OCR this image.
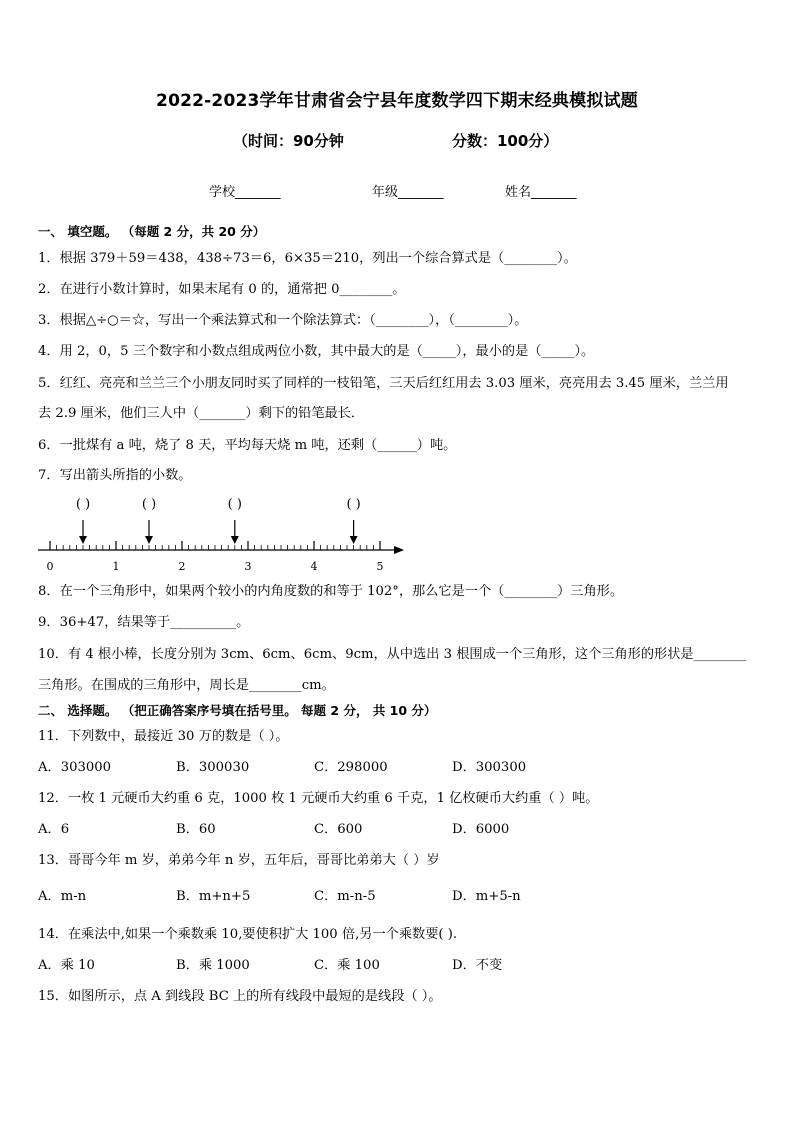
2022-2023学年甘肃省会宁县年度数学四下期末经典模拟试题
（时间：90分钟	分数：100分）
学校_______	年级_______	姓名_______
一、 填空题。 （每题 2 分，共 20 分）
1．根据 379＋59＝438，438÷73＝6，6×35＝210，列出一个综合算式是（________）。
2．在进行小数计算时，如果末尾有 0 的，通常把 0________。
3．根据△÷○＝☆，写出一个乘法算式和一个除法算式：（________），（________）。
4．用 2，0，5 三个数字和小数点组成两位小数，其中最大的是（_____），最小的是（_____）。
5．红红、亮亮和兰兰三个小朋友同时买了同样的一枝铅笔，三天后红红用去 3.03 厘米，亮亮用去 3.45 厘米，兰兰用
去 2.9 厘米，他们三人中（_______）剩下的铅笔最长．
6．一批煤有 a 吨，烧了 8 天，平均每天烧 m 吨，还剩（______）吨。
7．写出箭头所指的小数。
( )	( )	( )	( )
0	1	2	3	4	5
8．在一个三角形中，如果两个较小的内角度数的和等于 102°，那么它是一个（________）三角形。
9．36+47，结果等于__________。
10．有 4 根小棒，长度分别为 3cm、6cm、6cm、9cm，从中选出 3 根围成一个三角形，这个三角形的形状是________
三角形。在围成的三角形中，周长是________cm。
二、 选择题。 （把正确答案序号填在括号里。 每题 2 分， 共 10 分）
11．下列数中，最接近 30 万的数是（ ）。
A．303000	B．300030	C．298000	D．300300
12．一枚 1 元硬币大约重 6 克，1000 枚 1 元硬币大约重 6 千克，1 亿枚硬币大约重（ ）吨。
A．6	B．60	C．600	D．6000
13．哥哥今年 m 岁，弟弟今年 n 岁，五年后，哥哥比弟弟大（ ）岁
A．m-n	B．m+n+5	C．m-n-5	D．m+5-n
14．在乘法中,如果一个乘数乘 10,要使积扩大 100 倍,另一个乘数要( ).
A．乘 10	B．乘 1000	C．乘 100	D．不变
15．如图所示，点 A 到线段 BC 上的所有线段中最短的是线段（ ）。
